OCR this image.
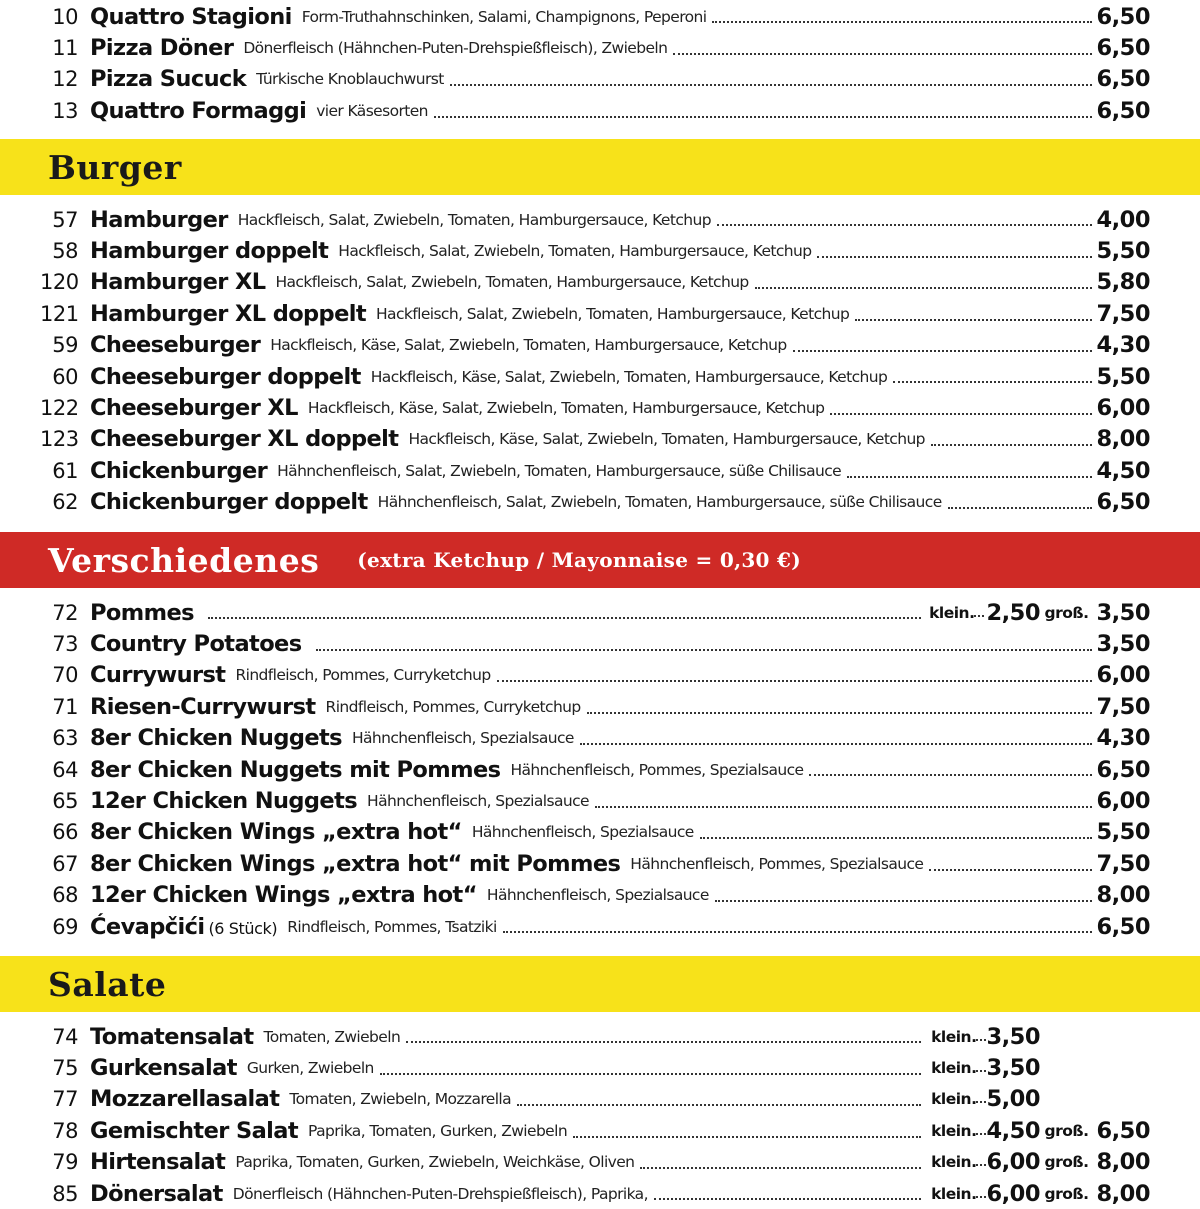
10 Quattro Stagioni Form-Truthahnschinken, Salami, Champignons, Peperoni	6,50
11 Pizza Döner Dönerfleisch (Hähnchen-Puten-Drehspießfleisch), Zwiebeln	6,50
12 Pizza Sucuck Türkische Knoblauchwurst	6,50
13 Quattro Formaggi vier Käsesorten	6,50
Burger
57 Hamburger Hackfleisch, Salat, Zwiebeln, Tomaten, Hamburgersauce, Ketchup	4,00
58 Hamburger doppelt Hackfleisch, Salat, Zwiebeln, Tomaten, Hamburgersauce, Ketchup	5,50
120 Hamburger XL Hackfleisch, Salat, Zwiebeln, Tomaten, Hamburgersauce, Ketchup	5,80
121 Hamburger XL doppelt Hackfleisch, Salat, Zwiebeln, Tomaten, Hamburgersauce, Ketchup	7,50
59 Cheeseburger Hackfleisch, Käse, Salat, Zwiebeln, Tomaten, Hamburgersauce, Ketchup	4,30
60 Cheeseburger doppelt Hackfleisch, Käse, Salat, Zwiebeln, Tomaten, Hamburgersauce, Ketchup	5,50
122 Cheeseburger XL Hackfleisch, Käse, Salat, Zwiebeln, Tomaten, Hamburgersauce, Ketchup	6,00
123 Cheeseburger XL doppelt Hackfleisch, Käse, Salat, Zwiebeln, Tomaten, Hamburgersauce, Ketchup	8,00
61 Chickenburger Hähnchenfleisch, Salat, Zwiebeln, Tomaten, Hamburgersauce, süße Chilisauce	4,50
62 Chickenburger doppelt Hähnchenfleisch, Salat, Zwiebeln, Tomaten, Hamburgersauce, süße Chilisauce	6,50
Verschiedenes (extra Ketchup / Mayonnaise = 0,30 €)
72 Pommes	klein. 2,50 groß. 3,50
73 Country Potatoes	3,50
70 Currywurst Rindfleisch, Pommes, Curryketchup	6,00
71 Riesen-Currywurst Rindfleisch, Pommes, Curryketchup	7,50
63 8er Chicken Nuggets Hähnchenfleisch, Spezialsauce	4,30
64 8er Chicken Nuggets mit Pommes Hähnchenfleisch, Pommes, Spezialsauce	6,50
65 12er Chicken Nuggets Hähnchenfleisch, Spezialsauce	6,00
66 8er Chicken Wings „extra hot“ Hähnchenfleisch, Spezialsauce	5,50
67 8er Chicken Wings „extra hot“ mit Pommes Hähnchenfleisch, Pommes, Spezialsauce	7,50
68 12er Chicken Wings „extra hot“ Hähnchenfleisch, Spezialsauce	8,00
69 Ćevapčići (6 Stück) Rindfleisch, Pommes, Tsatziki	6,50
Salate
74 Tomatensalat Tomaten, Zwiebeln	klein. 3,50
75 Gurkensalat Gurken, Zwiebeln	klein. 3,50
77 Mozzarellasalat Tomaten, Zwiebeln, Mozzarella	klein. 5,00
78 Gemischter Salat Paprika, Tomaten, Gurken, Zwiebeln	klein. 4,50 groß. 6,50
79 Hirtensalat Paprika, Tomaten, Gurken, Zwiebeln, Weichkäse, Oliven	klein. 6,00 groß. 8,00
85 Dönersalat Dönerfleisch (Hähnchen-Puten-Drehspießfleisch), Paprika,	klein. 6,00 groß. 8,00
